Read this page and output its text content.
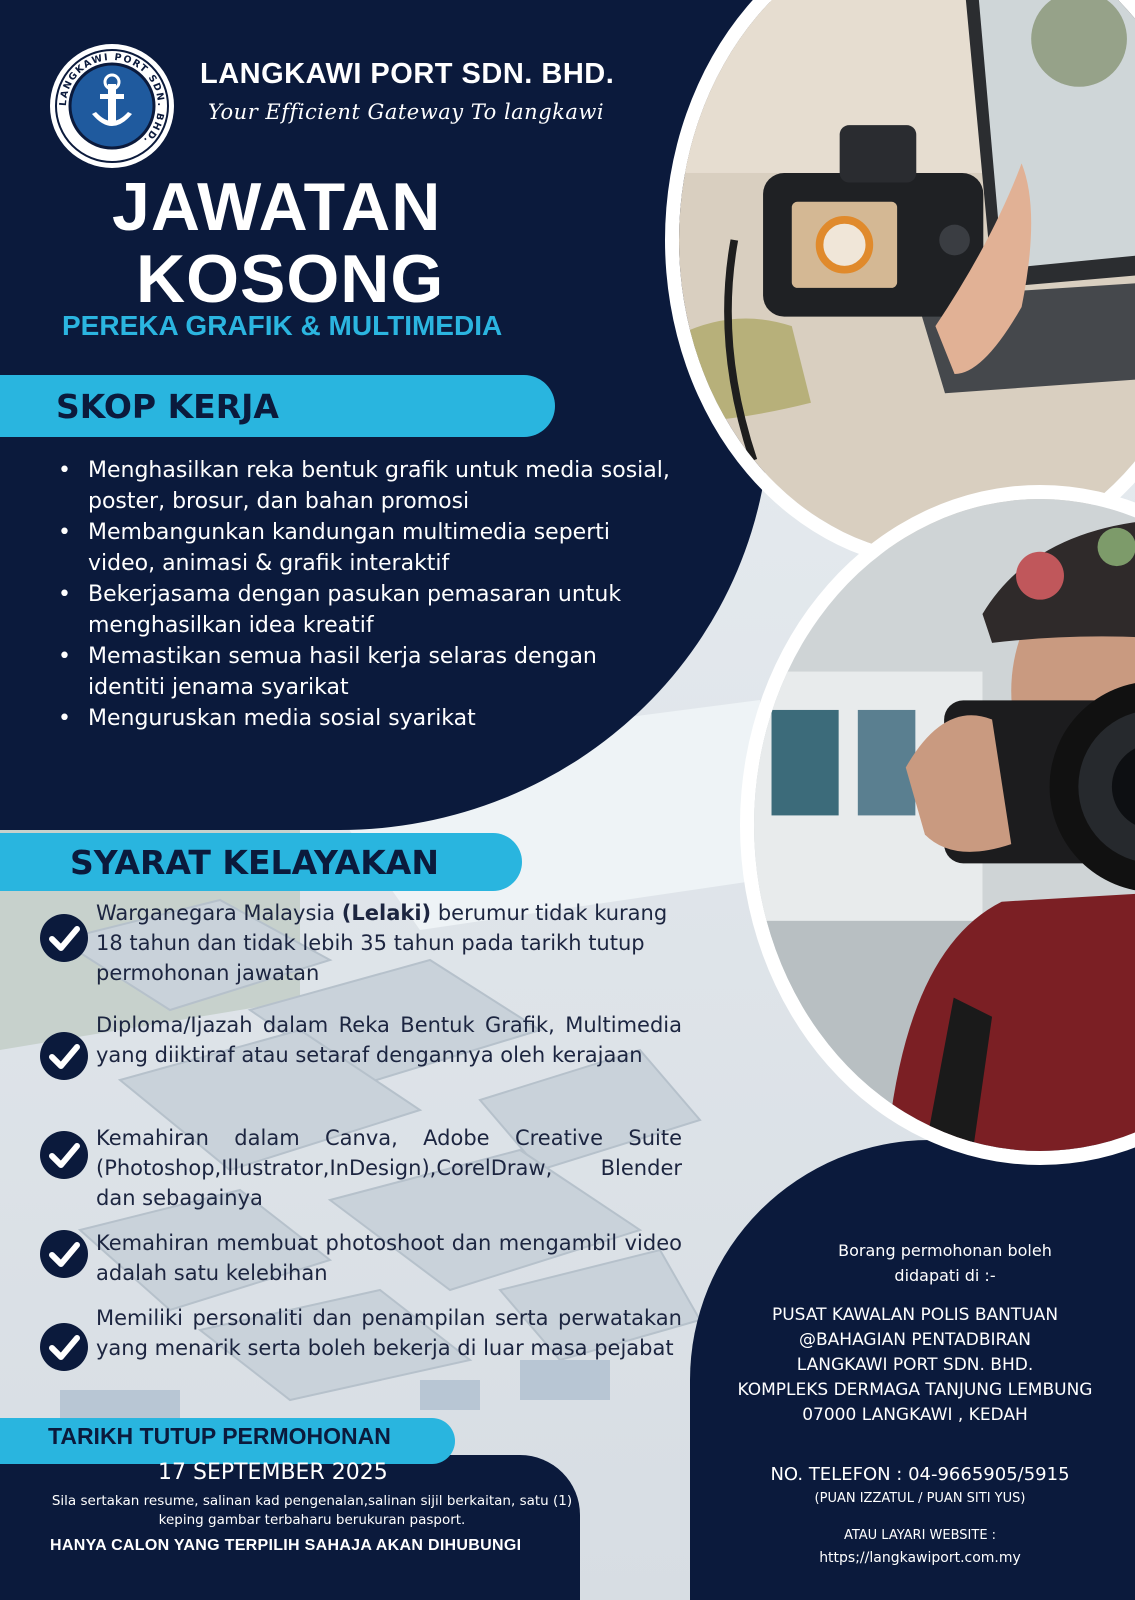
LANGKAWI PORT SDN. BHD.
LANGKAWI PORT SDN. BHD.
Your Efficient Gateway To langkawi
JAWATAN
KOSONG
PEREKA GRAFIK & MULTIMEDIA
SKOP KERJA
• Menghasilkan reka bentuk grafik untuk media sosial, poster, brosur, dan bahan promosi
• Membangunkan kandungan multimedia seperti video, animasi & grafik interaktif
• Bekerjasama dengan pasukan pemasaran untuk menghasilkan idea kreatif
• Memastikan semua hasil kerja selaras dengan identiti jenama syarikat
• Menguruskan media sosial syarikat
SYARAT KELAYAKAN
Warganegara Malaysia (Lelaki) berumur tidak kurang 18 tahun dan tidak lebih 35 tahun pada tarikh tutup permohonan jawatan
Diploma/Ijazah dalam Reka Bentuk Grafik, Multimedia yang diiktiraf atau setaraf dengannya oleh kerajaan
Kemahiran dalam Canva, Adobe Creative Suite (Photoshop,Illustrator,InDesign),CorelDraw, Blender dan sebagainya
Kemahiran membuat photoshoot dan mengambil video adalah satu kelebihan
Memiliki personaliti dan penampilan serta perwatakan yang menarik serta boleh bekerja di luar masa pejabat
TARIKH TUTUP PERMOHONAN
17 SEPTEMBER 2025
Sila sertakan resume, salinan kad pengenalan,salinan sijil berkaitan, satu (1) keping gambar terbaharu berukuran pasport.
HANYA CALON YANG TERPILIH SAHAJA AKAN DIHUBUNGI
Borang permohonan boleh
didapati di :-
PUSAT KAWALAN POLIS BANTUAN
@BAHAGIAN PENTADBIRAN
LANGKAWI PORT SDN. BHD.
KOMPLEKS DERMAGA TANJUNG LEMBUNG
07000 LANGKAWI , KEDAH
NO. TELEFON : 04-9665905/5915
(PUAN IZZATUL / PUAN SITI YUS)
ATAU LAYARI WEBSITE :
https;//langkawiport.com.my
